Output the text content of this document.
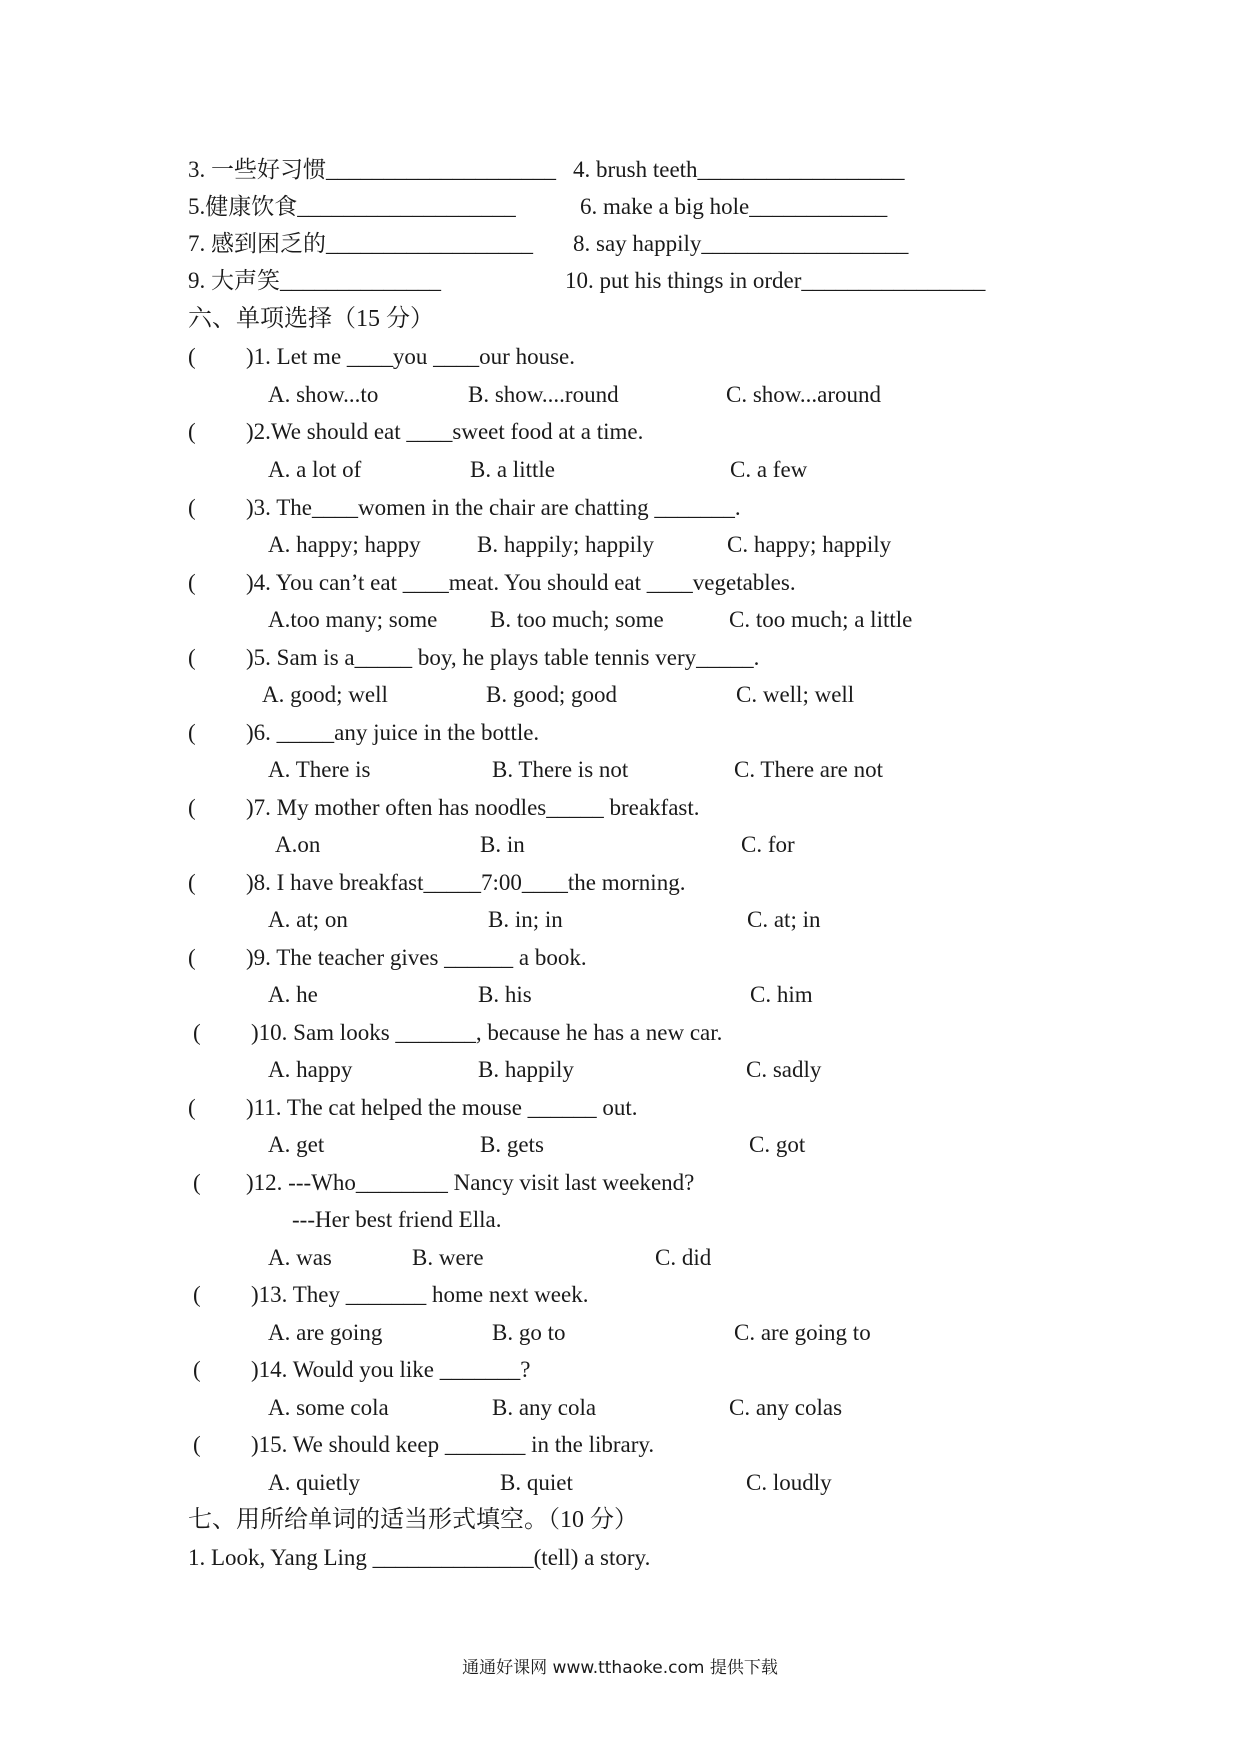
3. 一些好习惯____________________ 4. brush teeth__________________
5.健康饮食___________________	6. make a big hole____________
7. 感到困乏的__________________ 8. say happily__________________
9. 大声笑______________	10. put his things in order________________
六、单项选择（15 分）
( )1. Let me ____you ____our house.
A. show...to	B. show....round	C. show...around
( )2.We should eat ____sweet food at a time.
A. a lot of	B. a little	C. a few
( )3. The____women in the chair are chatting _______.
A. happy; happy B. happily; happily	C. happy; happily
( )4. You can’t eat ____meat. You should eat ____vegetables.
A.too many; some B. too much; some	C. too much; a little
( )5. Sam is a_____ boy, he plays table tennis very_____.
A. good; well	B. good; good	C. well; well
( )6. _____any juice in the bottle.
A. There is	B. There is not	C. There are not
( )7. My mother often has noodles_____ breakfast.
A.on	B. in	C. for
( )8. I have breakfast_____7:00____the morning.
A. at; on	B. in; in	C. at; in
( )9. The teacher gives ______ a book.
A. he	B. his	C. him
( )10. Sam looks _______, because he has a new car.
A. happy	B. happily	C. sadly
( )11. The cat helped the mouse ______ out.
A. get	B. gets	C. got
( )12. ---Who________ Nancy visit last weekend?
---Her best friend Ella.
A. was	B. were	C. did
( )13. They _______ home next week.
A. are going	B. go to	C. are going to
( )14. Would you like _______?
A. some cola	B. any cola	C. any colas
( )15. We should keep _______ in the library.
A. quietly	B. quiet	C. loudly
七、用所给单词的适当形式填空。（10 分）
1. Look, Yang Ling ______________(tell) a story.
通通好课网 www.tthaoke.com 提供下载
